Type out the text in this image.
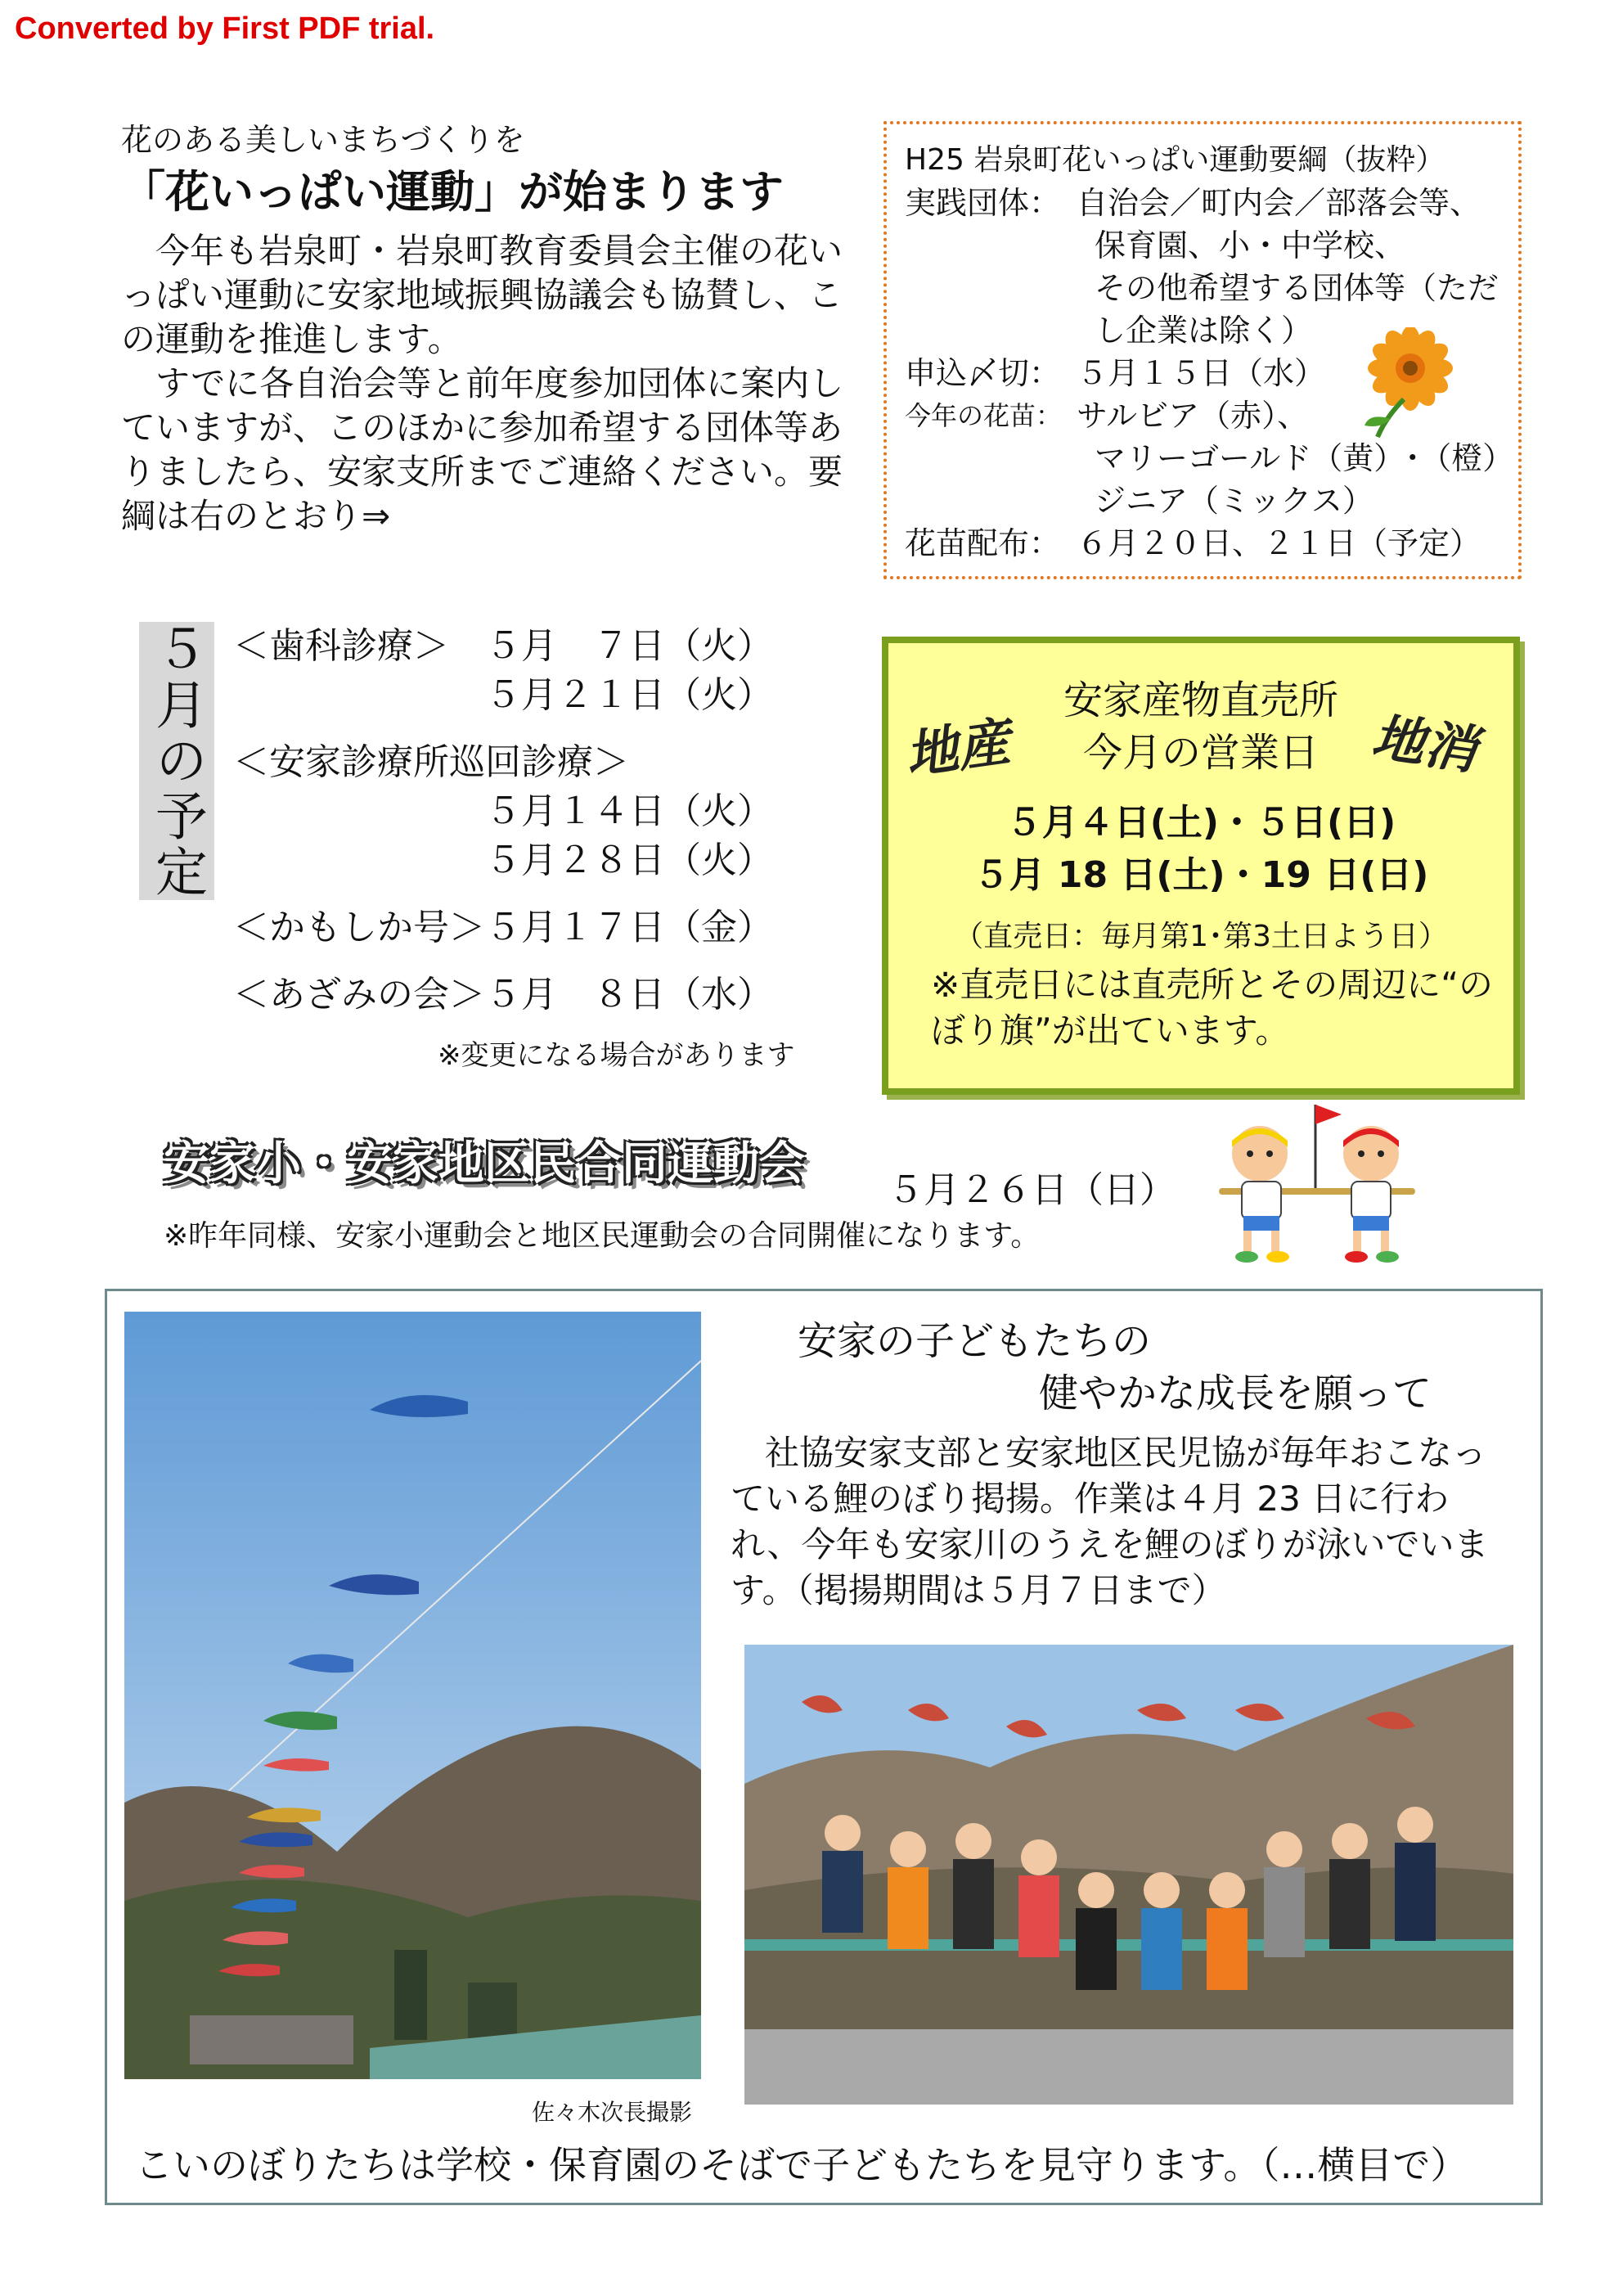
Converted by First PDF trial.
花のある美しいまちづくりを
「花いっぱい運動」が始まります

今年も岩泉町・岩泉町教育委員会主催の花いっぱい運動に安家地域振興協議会も協賛し、この運動を推進します。

すでに各自治会等と前年度参加団体に案内していますが、このほかに参加希望する団体等ありましたら、安家支所までご連絡ください。要綱は右のとおり⇒

H25 岩泉町花いっぱい運動要綱（抜粋）
実践団体： 自治会／町内会／部落会等、
保育園、小・中学校、
その他希望する団体等（ただ
し企業は除く）
申込〆切： ５月１５日（水）
今年の花苗： サルビア（赤）、
マリーゴールド（黄）･（橙）
ジニア（ミックス）
花苗配布： ６月２０日、２１日（予定）
５月の予定 ＜歯科診療＞　５月　７日（火）
　　　　　　　５月２１日（火）
＜安家診療所巡回診療＞
　　　　　　　５月１４日（火）
　　　　　　　５月２８日（火）
＜かもしか号＞５月１７日（金）
＜あざみの会＞５月　８日（水）
※変更になる場合があります
地産	地消
安家産物直売所
今月の営業日
５月４日(土)・５日(日)
５月 18 日(土)・19 日(日)
（直売日：毎月第1･第3土日よう日）
※直売日には直売所とその周辺に“のぼり旗”が出ています。
安家小・安家地区民合同運動会 ５月２６日（日）
※昨年同様、安家小運動会と地区民運動会の合同開催になります。
佐々木次長撮影
安家の子どもたちの
健やかな成長を願って

社協安家支部と安家地区民児協が毎年おこなっている鯉のぼり掲揚。作業は４月 23 日に行われ、今年も安家川のうえを鯉のぼりが泳いでいます。（掲揚期間は５月７日まで）

こいのぼりたちは学校・保育園のそばで子どもたちを見守ります。（…横目で）
